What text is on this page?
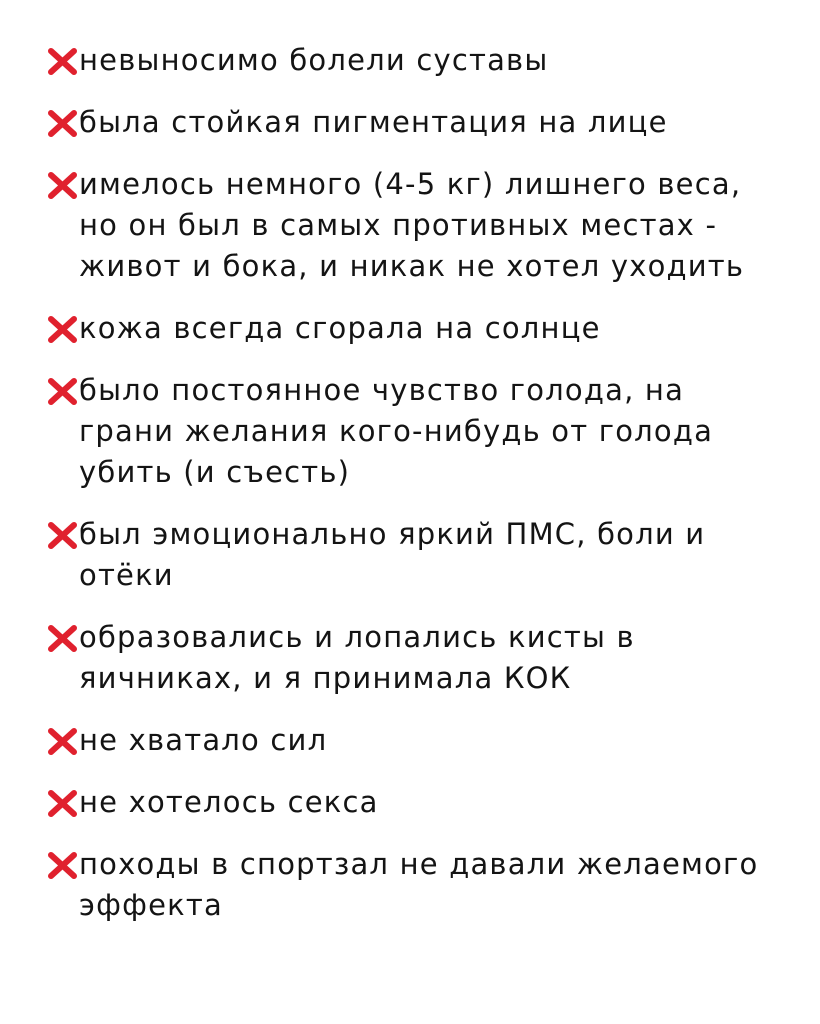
невыносимо болели суставы
была стойкая пигментация на лице
имелось немного (4-5 кг) лишнего веса, но он был в самых противных местах - живот и бока, и никак не хотел уходить
кожа всегда сгорала на солнце
было постоянное чувство голода, на грани желания кого-нибудь от голода убить (и съесть)
был эмоционально яркий ПМС, боли и отёки
образовались и лопались кисты в яичниках, и я принимала КОК
не хватало сил
не хотелось секса
походы в спортзал не давали желаемого эффекта
